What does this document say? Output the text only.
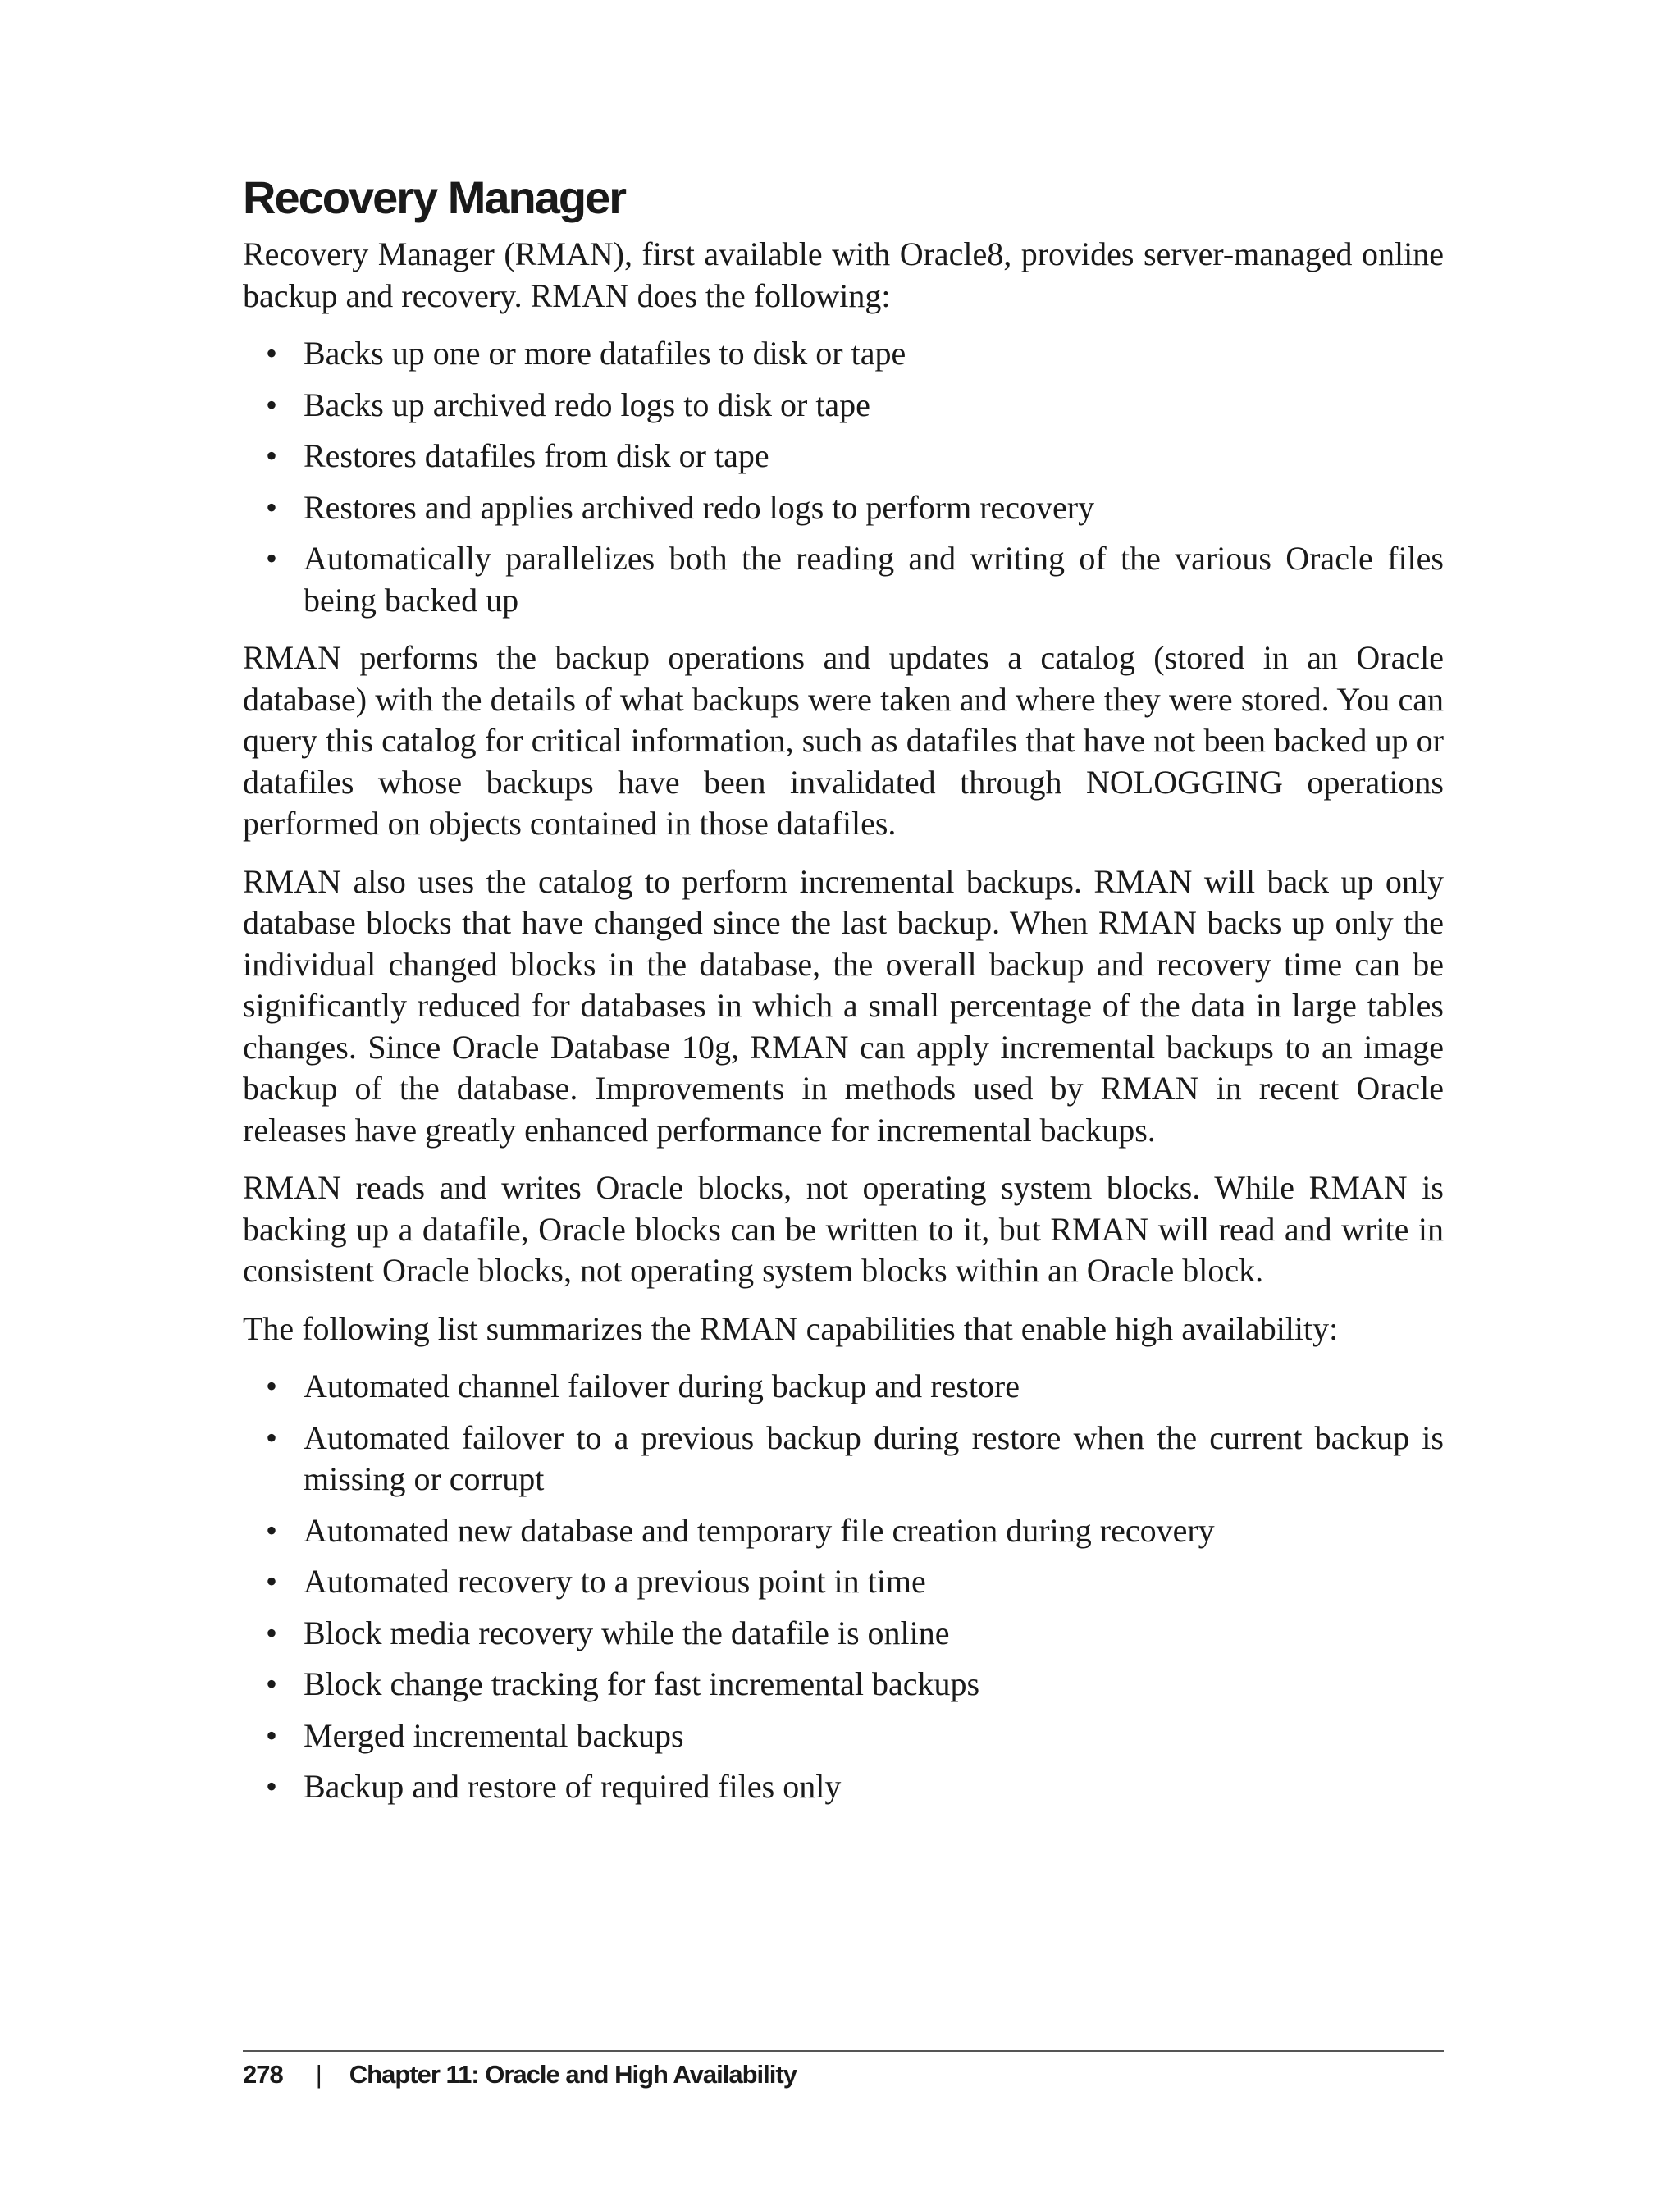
Recovery Manager

Recovery Manager (RMAN), first available with Oracle8, provides server-managed online backup and recovery. RMAN does the following:

• Backs up one or more datafiles to disk or tape
• Backs up archived redo logs to disk or tape
• Restores datafiles from disk or tape
• Restores and applies archived redo logs to perform recovery
• Automatically parallelizes both the reading and writing of the various Oracle files being backed up

RMAN performs the backup operations and updates a catalog (stored in an Oracle database) with the details of what backups were taken and where they were stored. You can query this catalog for critical information, such as datafiles that have not been backed up or datafiles whose backups have been invalidated through NOLOGGING operations performed on objects contained in those datafiles.

RMAN also uses the catalog to perform incremental backups. RMAN will back up only database blocks that have changed since the last backup. When RMAN backs up only the individual changed blocks in the database, the overall backup and recovery time can be significantly reduced for databases in which a small percentage of the data in large tables changes. Since Oracle Database 10g, RMAN can apply incremental backups to an image backup of the database. Improvements in methods used by RMAN in recent Oracle releases have greatly enhanced performance for incremental backups.

RMAN reads and writes Oracle blocks, not operating system blocks. While RMAN is backing up a datafile, Oracle blocks can be written to it, but RMAN will read and write in consistent Oracle blocks, not operating system blocks within an Oracle block.

The following list summarizes the RMAN capabilities that enable high availability:

• Automated channel failover during backup and restore
• Automated failover to a previous backup during restore when the current backup is missing or corrupt
• Automated new database and temporary file creation during recovery
• Automated recovery to a previous point in time
• Block media recovery while the datafile is online
• Block change tracking for fast incremental backups
• Merged incremental backups
• Backup and restore of required files only
278 | Chapter 11: Oracle and High Availability
